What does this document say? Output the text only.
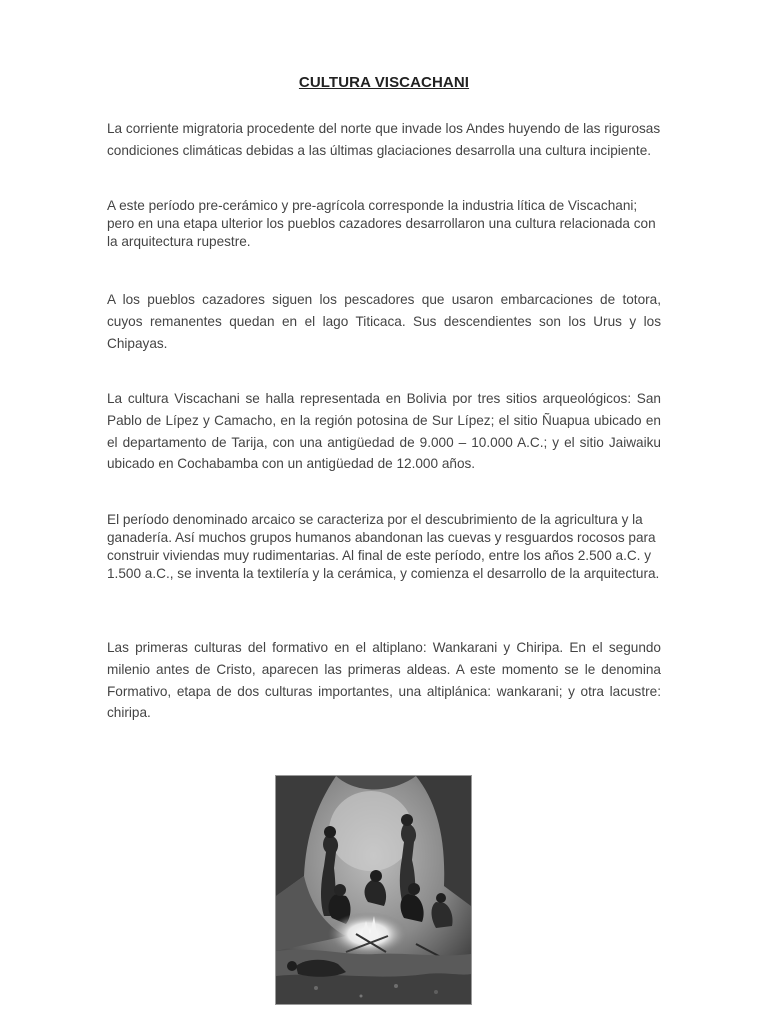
CULTURA VISCACHANI

La corriente migratoria procedente del norte que invade los Andes huyendo de las rigurosas condiciones climáticas debidas a las últimas glaciaciones desarrolla una cultura incipiente.

A este período pre-cerámico y pre-agrícola corresponde la industria lítica de Viscachani; pero en una etapa ulterior los pueblos cazadores desarrollaron una cultura relacionada con la arquitectura rupestre.

A los pueblos cazadores siguen los pescadores que usaron embarcaciones de totora, cuyos remanentes quedan en el lago Titicaca. Sus descendientes son los Urus y los Chipayas.

La cultura Viscachani se halla representada en Bolivia por tres sitios arqueológicos: San Pablo de Lípez y Camacho, en la región potosina de Sur Lípez; el sitio Ñuapua ubicado en el departamento de Tarija, con una antigüedad de 9.000 – 10.000 A.C.; y el sitio Jaiwaiku ubicado en Cochabamba con un antigüedad de 12.000 años.

El período denominado arcaico se caracteriza por el descubrimiento de la agricultura y la ganadería. Así muchos grupos humanos abandonan las cuevas y resguardos rocosos para construir viviendas muy rudimentarias. Al final de este período, entre los años 2.500 a.C. y 1.500 a.C., se inventa la textilería y la cerámica, y comienza el desarrollo de la arquitectura.

Las primeras culturas del formativo en el altiplano: Wankarani y Chiripa. En el segundo milenio antes de Cristo, aparecen las primeras aldeas. A este momento se le denomina Formativo, etapa de dos culturas importantes, una altiplánica: wankarani; y otra lacustre: chiripa.
